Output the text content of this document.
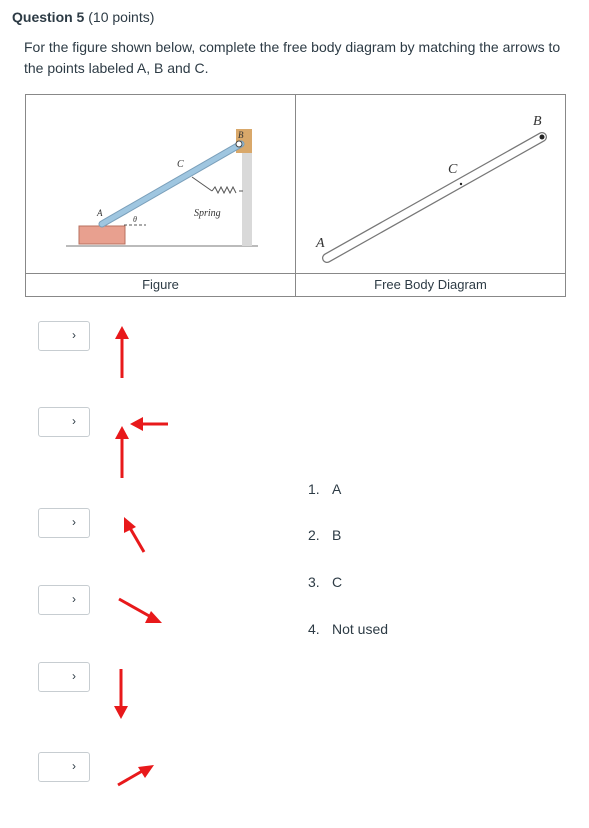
Question 5 (10 points)
For the figure shown below, complete the free body diagram by matching the arrows to the points labeled A, B and C.
B
C
A
θ
Spring
B
C
A
Figure	Free Body Diagram
›
›
›
›
›
›
1. A
2. B
3. C
4. Not used
